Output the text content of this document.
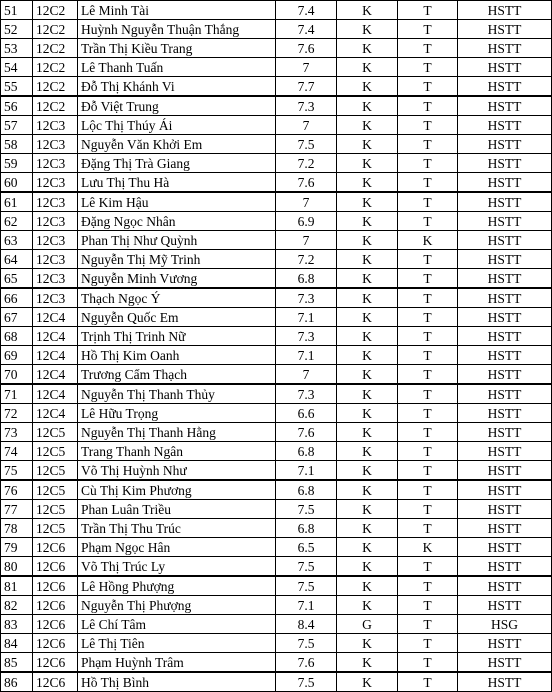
51	12C2	Lê Minh Tài	7.4	K	T	HSTT
52	12C2	Huỳnh Nguyễn Thuận Thắng	7.4	K	T	HSTT
53	12C2	Trần Thị Kiều Trang	7.6	K	T	HSTT
54	12C2	Lê Thanh Tuấn	7	K	T	HSTT
55	12C2	Đỗ Thị Khánh Vi	7.7	K	T	HSTT
56	12C2	Đỗ Việt Trung	7.3	K	T	HSTT
57	12C3	Lộc Thị Thúy Ái	7	K	T	HSTT
58	12C3	Nguyễn Văn Khởi Em	7.5	K	T	HSTT
59	12C3	Đặng Thị Trà Giang	7.2	K	T	HSTT
60	12C3	Lưu Thị Thu Hà	7.6	K	T	HSTT
61	12C3	Lê Kim Hậu	7	K	T	HSTT
62	12C3	Đặng Ngọc Nhân	6.9	K	T	HSTT
63	12C3	Phan Thị Như Quỳnh	7	K	K	HSTT
64	12C3	Nguyễn Thị Mỹ Trinh	7.2	K	T	HSTT
65	12C3	Nguyễn Minh Vương	6.8	K	T	HSTT
66	12C3	Thạch Ngọc Ý	7.3	K	T	HSTT
67	12C4	Nguyễn Quốc Em	7.1	K	T	HSTT
68	12C4	Trịnh Thị Trinh Nữ	7.3	K	T	HSTT
69	12C4	Hồ Thị Kim Oanh	7.1	K	T	HSTT
70	12C4	Trương Cẩm Thạch	7	K	T	HSTT
71	12C4	Nguyễn Thị Thanh Thủy	7.3	K	T	HSTT
72	12C4	Lê Hữu Trọng	6.6	K	T	HSTT
73	12C5	Nguyễn Thị Thanh Hằng	7.6	K	T	HSTT
74	12C5	Trang Thanh Ngân	6.8	K	T	HSTT
75	12C5	Võ Thị Huỳnh Như	7.1	K	T	HSTT
76	12C5	Cù Thị Kim Phương	6.8	K	T	HSTT
77	12C5	Phan Luân Triều	7.5	K	T	HSTT
78	12C5	Trần Thị Thu Trúc	6.8	K	T	HSTT
79	12C6	Phạm Ngọc Hân	6.5	K	K	HSTT
80	12C6	Võ Thị Trúc Ly	7.5	K	T	HSTT
81	12C6	Lê Hồng Phượng	7.5	K	T	HSTT
82	12C6	Nguyễn Thị Phượng	7.1	K	T	HSTT
83	12C6	Lê Chí Tâm	8.4	G	T	HSG
84	12C6	Lê Thị Tiên	7.5	K	T	HSTT
85	12C6	Phạm Huỳnh Trâm	7.6	K	T	HSTT
86	12C6	Hồ Thị Bình	7.5	K	T	HSTT
